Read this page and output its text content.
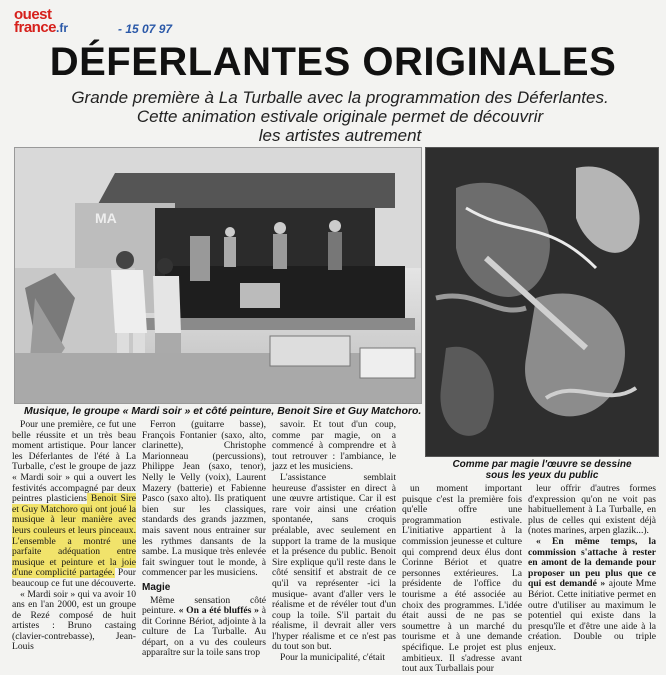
ouest
france.fr	- 15 07 97
DÉFERLANTES ORIGINALES
Grande première à La Turballe avec la programmation des Déferlantes.
Cette animation estivale originale permet de découvrir
les artistes autrement
MA
Musique, le groupe « Mardi soir » et côté peinture, Benoit Sire et Guy Matchoro.
Comme par magie l'œuvre se dessine
sous les yeux du public

Pour une première, ce fut une belle réussite et un très beau moment artistique. Pour lancer les Déferlantes de l'été à La Turballe, c'est le groupe de jazz « Mardi soir » qui a ouvert les festivités accompagné par deux peintres plasticiens Benoit Sire et Guy Matchoro qui ont joué la musique à leur manière avec leurs couleurs et leurs pinceaux. L'ensemble a montré une parfaite adéquation entre musique et peinture et la joie d'une complicité partagée. Pour beaucoup ce fut une découverte.

« Mardi soir » qui va avoir 10 ans en l'an 2000, est un groupe de Rezé composé de huit artistes : Bruno castaing (clavier-contrebasse), Jean-Louis

Ferron (guitarre basse), François Fontanier (saxo, alto, clarinette), Christophe Marionneau (percussions), Philippe Jean (saxo, tenor), Nelly le Velly (voix), Laurent Mazery (batterie) et Fabienne Pasco (saxo alto). Ils pratiquent bien sur les classiques, standards des grands jazzmen, mais savent nous entrainer sur les rythmes dansants de la sambe. La musique très enlevée fait swinguer tout le monde, à commencer par les musiciens.

Magie

Même sensation côté peinture. « On a été bluffés » à dit Corinne Bériot, adjointe à la culture de La Turballe. Au départ, on a vu des couleurs apparaître sur la toile sans trop

savoir. Et tout d'un coup, comme par magie, on a commencé à comprendre et à tout retrouver : l'ambiance, le jazz et les musiciens.

L'assistance semblait heureuse d'assister en direct à une œuvre artistique. Car il est rare voir ainsi une création spontanée, sans croquis préalable, avec seulement en support la trame de la musique et la présence du public. Benoit Sire explique qu'il reste dans le côté sensitif et abstrait de ce qu'il va représenter -ici la musique- avant d'aller vers le réalisme et de révéler tout d'un coup la toile. S'il partait du réalisme, il devrait aller vers l'hyper réalisme et ce n'est pas du tout son but.

Pour la municipalité, c'était

un moment important puisque c'est la première fois qu'elle offre une programmation estivale. L'initiative appartient à la commission jeunesse et culture qui comprend deux élus dont Corinne Bériot et quatre personnes extérieures. La présidente de l'office du tourisme a été associée au choix des programmes. L'idée était aussi de ne pas se soumettre à un marché du tourisme et à une demande spécifique. Le projet est plus ambitieux. Il s'adresse avant tout aux Turballais pour

leur offrir d'autres formes d'expression qu'on ne voit pas habituellement à La Turballe, en plus de celles qui existent déjà (notes marines, arpen glazik...).

« En même temps, la commission s'attache à rester en amont de la demande pour proposer un peu plus que ce qui est demandé » ajoute Mme Bériot. Cette initiative permet en outre d'utiliser au maximum le potentiel qui existe dans la presqu'île et d'être une aide à la création. Double ou triple enjeux.
